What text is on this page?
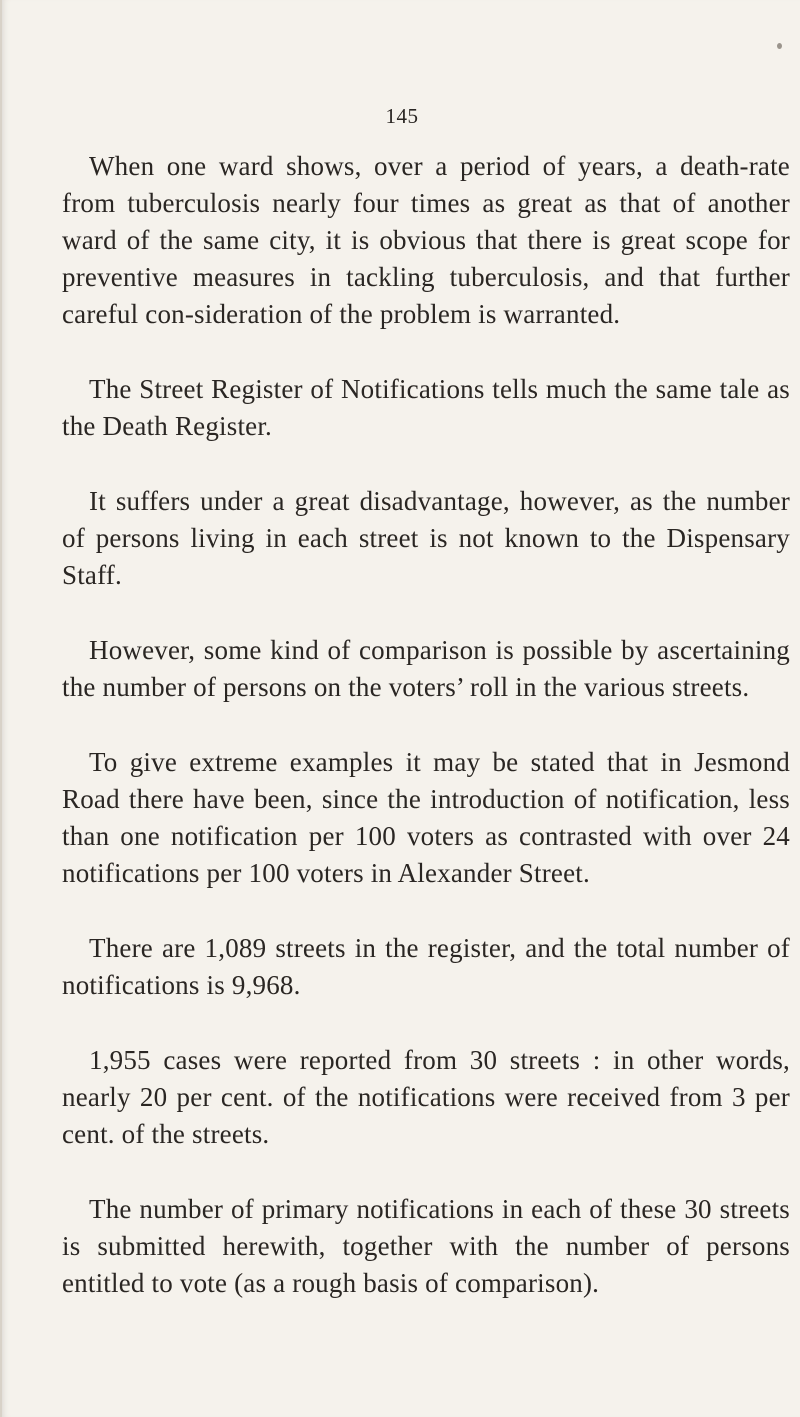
145

When one ward shows, over a period of years, a death-rate from tuberculosis nearly four times as great as that of another ward of the same city, it is obvious that there is great scope for preventive measures in tackling tuberculosis, and that further careful con-sideration of the problem is warranted.

The Street Register of Notifications tells much the same tale as the Death Register.

It suffers under a great disadvantage, however, as the number of persons living in each street is not known to the Dispensary Staff.

However, some kind of comparison is possible by ascertaining the number of persons on the voters’ roll in the various streets.

To give extreme examples it may be stated that in Jesmond Road there have been, since the introduction of notification, less than one notification per 100 voters as contrasted with over 24 notifications per 100 voters in Alexander Street.

There are 1,089 streets in the register, and the total number of notifications is 9,968.

1,955 cases were reported from 30 streets : in other words, nearly 20 per cent. of the notifications were received from 3 per cent. of the streets.

The number of primary notifications in each of these 30 streets is submitted herewith, together with the number of persons entitled to vote (as a rough basis of comparison).
